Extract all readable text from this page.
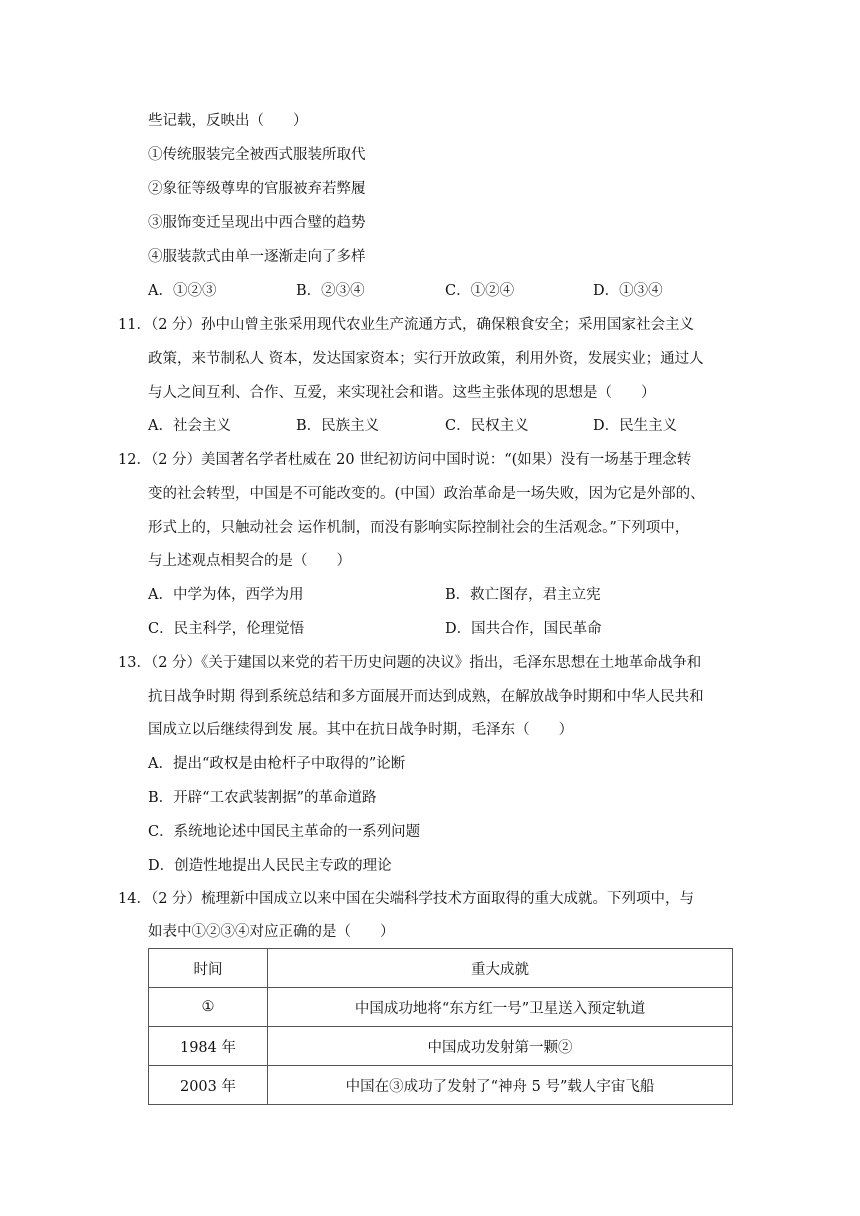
些记载，反映出（　　）
①传统服装完全被西式服装所取代
②象征等级尊卑的官服被弃若弊履
③服饰变迁呈现出中西合璧的趋势
④服装款式由单一逐渐走向了多样
A．①②③	B．②③④	C．①②④	D．①③④
11．（2 分）孙中山曾主张采用现代农业生产流通方式，确保粮食安全；采用国家社会主义
政策，来节制私人 资本，发达国家资本；实行开放政策，利用外资，发展实业；通过人
与人之间互利、合作、互爱，来实现社会和谐。这些主张体现的思想是（　　）
A．社会主义	B．民族主义	C．民权主义	D．民生主义
12．（2 分）美国著名学者杜威在 20 世纪初访问中国时说：“(如果）没有一场基于理念转
变的社会转型，中国是不可能改变的。(中国）政治革命是一场失败，因为它是外部的、
形式上的，只触动社会 运作机制，而没有影响实际控制社会的生活观念。”下列项中，
与上述观点相契合的是（　　）
A．中学为体，西学为用	B．救亡图存，君主立宪
C．民主科学，伦理觉悟	D．国共合作，国民革命
13．（2 分）《关于建国以来党的若干历史问题的决议》指出，毛泽东思想在土地革命战争和
抗日战争时期 得到系统总结和多方面展开而达到成熟，在解放战争时期和中华人民共和
国成立以后继续得到发 展。其中在抗日战争时期，毛泽东（　　）
A．提出“政权是由枪杆子中取得的”论断
B．开辟“工农武装割据”的革命道路
C．系统地论述中国民主革命的一系列问题
D．创造性地提出人民民主专政的理论
14．（2 分）梳理新中国成立以来中国在尖端科学技术方面取得的重大成就。下列项中，与
如表中①②③④对应正确的是（　　）
时间	重大成就
①	中国成功地将“东方红一号”卫星送入预定轨道
1984 年	中国成功发射第一颗②
2003 年	中国在③成功了发射了“神舟 5 号”载人宇宙飞船
